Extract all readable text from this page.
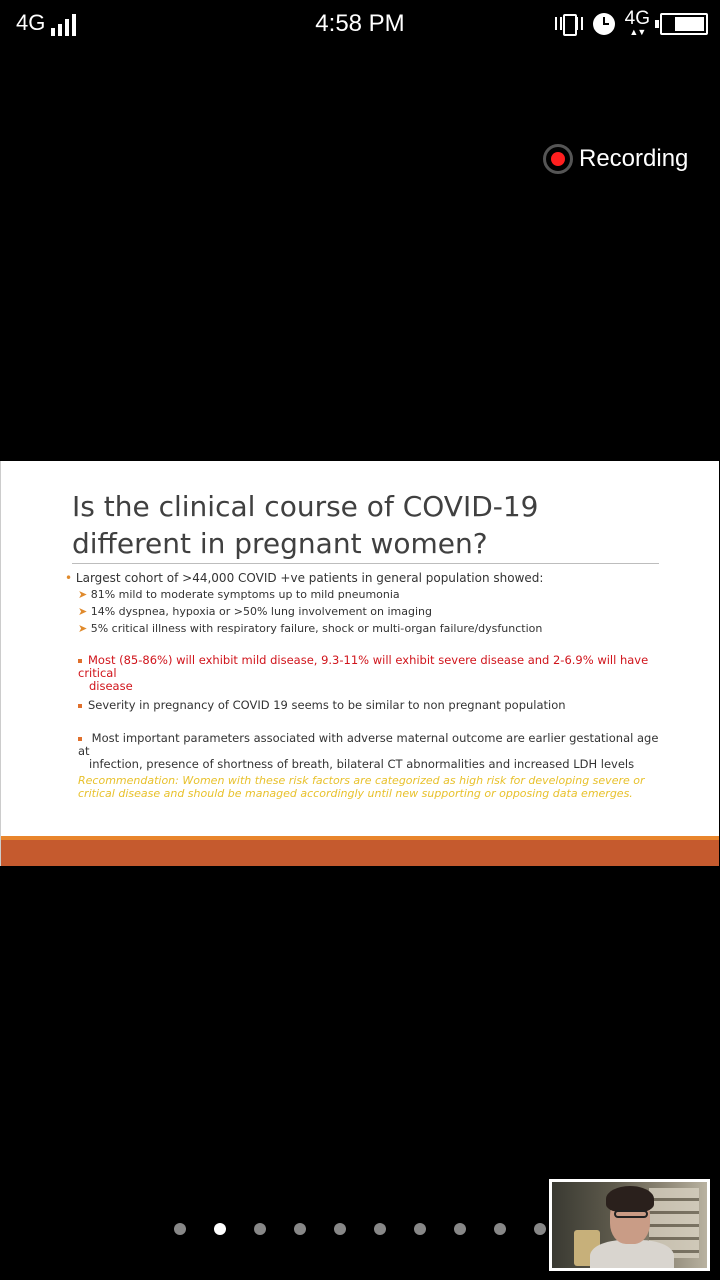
4G	4:58 PM	4G
▲▼
Recording
Is the clinical course of COVID-19 different in pregnant women?
• Largest cohort of >44,000 COVID +ve patients in general population showed:
➤ 81% mild to moderate symptoms up to mild pneumonia
➤ 14% dyspnea, hypoxia or >50% lung involvement on imaging
➤ 5% critical illness with respiratory failure, shock or multi-organ failure/dysfunction
Most (85-86%) will exhibit mild disease, 9.3-11% will exhibit severe disease and 2-6.9% will have critical
disease
Severity in pregnancy of COVID 19 seems to be similar to non pregnant population
Most important parameters associated with adverse maternal outcome are earlier gestational age at
infection, presence of shortness of breath, bilateral CT abnormalities and increased LDH levels
Recommendation: Women with these risk factors are categorized as high risk for developing severe or
critical disease and should be managed accordingly until new supporting or opposing data emerges.
